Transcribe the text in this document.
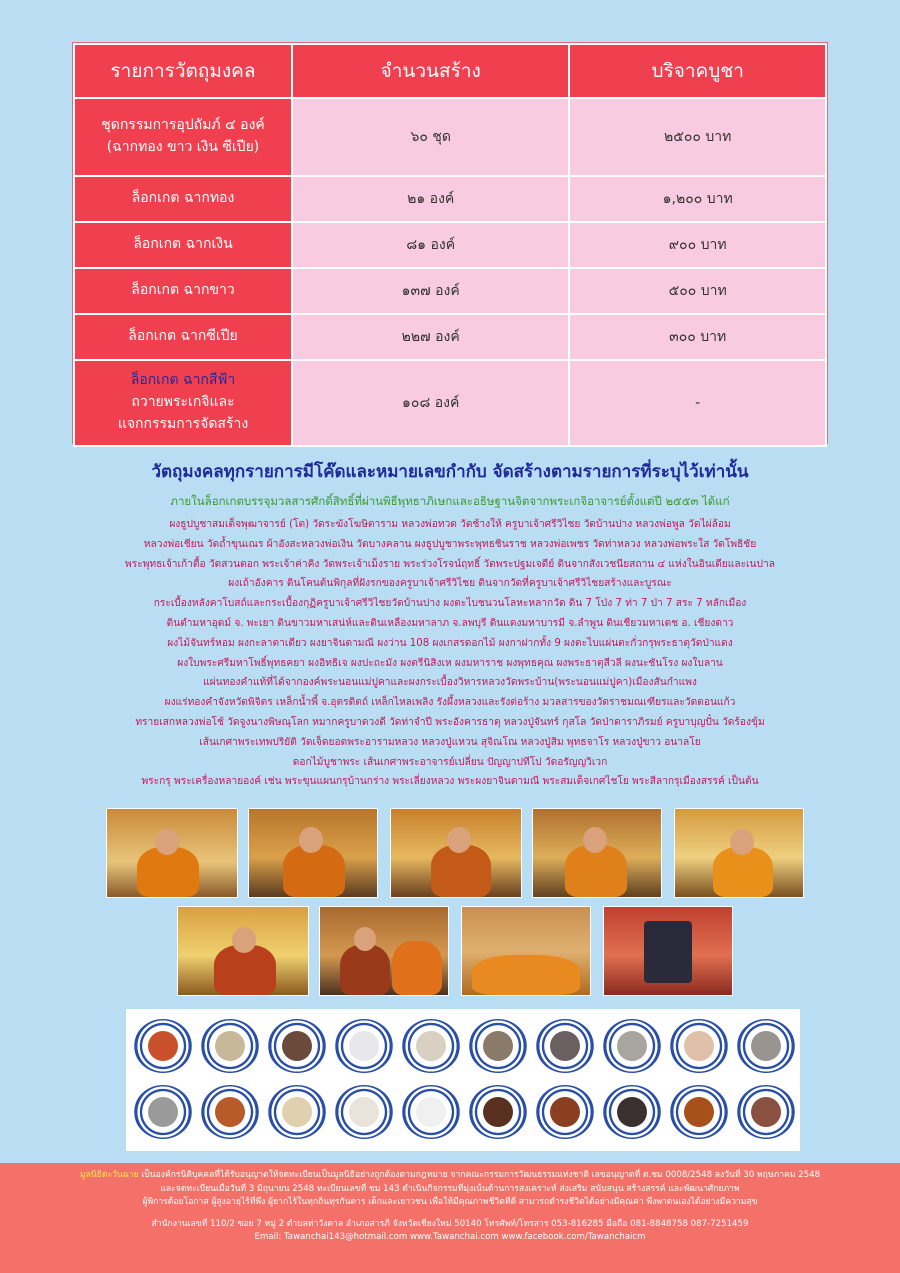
รายการวัตถุมงคล	จำนวนสร้าง	บริจาคบูชา
ชุดกรรมการอุปถัมภ์ ๔ องค์
(ฉากทอง ขาว เงิน ซีเปีย)	๖๐ ชุด	๒๕๐๐ บาท
ล็อกเกต ฉากทอง	๒๑ องค์	๑,๒๐๐ บาท
ล็อกเกต ฉากเงิน	๘๑ องค์	๙๐๐ บาท
ล็อกเกต ฉากขาว	๑๓๗ องค์	๕๐๐ บาท
ล็อกเกต ฉากซีเปีย	๒๒๗ องค์	๓๐๐ บาท
ล็อกเกต ฉากสีฟ้า
ถวายพระเกจิและ
แจกกรรมการจัดสร้าง	๑๐๘ องค์	-
วัตถุมงคลทุกรายการมีโค๊ดและหมายเลขกำกับ จัดสร้างตามรายการที่ระบุไว้เท่านั้น
ภายในล็อกเกตบรรจุมวลสารศักดิ์สิทธิ์ที่ผ่านพิธีพุทธาภิเษกและอธิษฐานจิตจากพระเกจิอาจารย์ตั้งแต่ปี ๒๕๕๓ ได้แก่

ผงธูปบูชาสมเด็จพุฒาจารย์ (โต) วัดระฆังโฆษิตาราม หลวงพ่อทวด วัดช้างให้ ครูบาเจ้าศรีวิไชย วัดบ้านปาง หลวงพ่อพูล วัดไผ่ล้อม

หลวงพ่อเชียน วัดถ้ำขุนเณร ผ้าอังสะหลวงพ่อเงิน วัดบางคลาน ผงธูปบูชาพระพุทธชินราช หลวงพ่อเพชร วัดท่าหลวง หลวงพ่อพระใส วัดโพธิชัย

พระพุทธเจ้าเก้าตื้อ วัดสวนดอก พระเจ้าค่าคิง วัดพระเจ้าเม็งราย พระร่วงโรจน์ฤทธิ์ วัดพระปฐมเจดีย์ ดินจากสังเวชนียสถาน ๔ แห่งในอินเดียและเนปาล

ผงเถ้าอังคาร ดินโคนต้นพิกุลที่ฝังรกของครูบาเจ้าศรีวิไชย ดินจากวัดที่ครูบาเจ้าศรีวิไชยสร้างและบูรณะ

กระเบื้องหลังคาโบสถ์และกระเบื้องกุฏิครูบาเจ้าศรีวิไชยวัดบ้านปาง ผงตะไบชนวนโลหะหลากวัด ดิน 7 โป่ง 7 ท่า 7 ป่า 7 สระ 7 หลักเมือง

ดินดำมหาอุดม์ จ. พะเยา ดินขาวมหาเสน่ห์และดินเหลืองมหาลาภ จ.ลพบุรี ดินแดงมหาบารมี จ.ลำพูน ดินเชียวมหาเดช อ. เชียงดาว

ผงไม้จันทร์หอม ผงกะลาตาเดียว ผงยาจินดามณี ผงว่าน 108 ผงเกสรดอกไม้ ผงกาฝากทั้ง 9 ผงตะไบแผ่นตะกั่วกรุพระธาตุวัดป่าแดง

ผงใบพระศรีมหาโพธิ์พุทธคยา ผงอิทธิเจ ผงปะถะมัง ผงตรีนิสิงเห ผงมหาราช ผงพุทธคุณ ผงพระธาตุสีวลี ผงนะชันโรง ผงใบลาน

แผ่นทองคำแท้ที่ได้จากองค์พระนอนแม่ปูคาและผงกระเบื้องวิหารหลวงวัดพระบ้าน(พระนอนแม่ปูคา)เมืองสันกำแพง

ผงแร่ทองคำจังหวัดพิจิตร เหล็กน้ำพี้ จ.อุตรดิตถ์ เหล็กไหลเพลิง รังผึ้งหลวงและรังต่อร้าง มวลสารของวัดราชมณเฑียรและวัดดอนแก้ว

ทรายเสกหลวงพ่อโช้ วัดจูงนางพิษณุโลก หมากครูบาดวงดี วัดท่าจำปี พระอังคารธาตุ หลวงปู่จันทร์ กุสโล วัดป่าดาราภิรมย์ ครูบาบุญปั๋น วัดร้องขุ้ม

เส้นเกศาพระเทพปริยัติ วัดเจ็ดยอดพระอารามหลวง หลวงปู่แหวน สุจิณโณ หลวงปู่สิม พุทธจาโร หลวงปู่ขาว อนาลโย

ดอกไม้บูชาพระ เส้นเกศาพระอาจารย์เปลี่ยน ปัญญาปทีโป วัดอรัญญวิเวก

พระกรุ พระเครื่องหลายองค์ เช่น พระขุนแผนกรุบ้านกร่าง พระเลี่ยงหลวง พระผงยาจินดามณี พระสมเด็จเกศไชโย พระสีลากรุเมืองสรรค์ เป็นต้น

มูลนิธิตะวันฉาย เป็นองค์กรนิติบุคคลที่ได้รับอนุญาตให้จดทะเบียนเป็นมูลนิธิอย่างถูกต้องตามกฎหมาย จากคณะกรรมการวัฒนธรรมแห่งชาติ เลขอนุญาตที่ ต.ชม 0008/2548 ลงวันที่ 30 พฤษภาคม 2548

และจดทะเบียนเมื่อวันที่ 3 มิถุนายน 2548 ทะเบียนเลขที่ ชม 143 ดำเนินกิจกรรมที่มุ่งเน้นด้านการสงเคราะห์ ส่งเสริม สนับสนุน สร้างสรรค์ และพัฒนาศักยภาพ

ผู้พิการด้อยโอกาส ผู้สูงอายุไร้ที่พึ่ง ผู้ยากไร้ในทุกถิ่นทุรกันดาร เด็กและเยาวชน เพื่อให้มีคุณภาพชีวิตที่ดี สามารถดำรงชีวิตได้อย่างมีคุณค่า พึ่งพาตนเองได้อย่างมีความสุข

สำนักงานเลขที่ 110/2 ซอย 7 หมู่ 2 ตำบลท่าวังตาล อำเภอสารภี จังหวัดเชียงใหม่ 50140 โทรศัพท์/โทรสาร 053-816285 มือถือ 081-8848758 087-7251459

Email: Tawanchai143@hotmail.com www.Tawanchai.com www.facebook.com/Tawanchaicm
